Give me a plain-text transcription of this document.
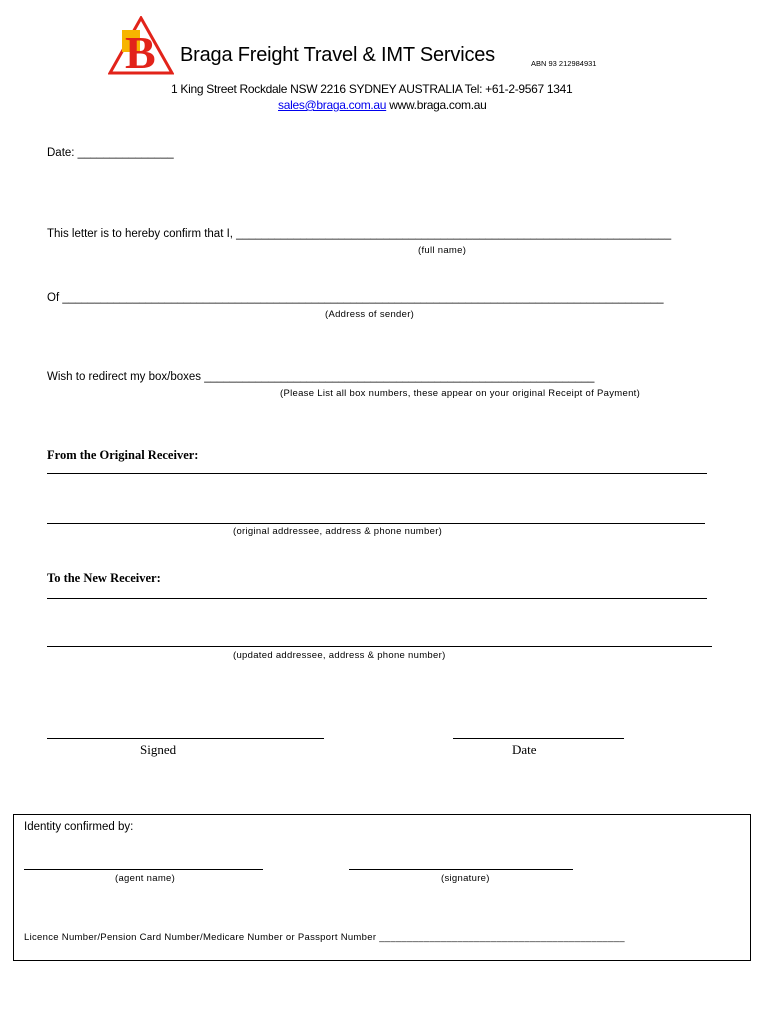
B Braga Freight Travel & IMT Services	ABN 93 212984931
1 King Street Rockdale NSW 2216 SYDNEY AUSTRALIA Tel: +61-2-9567 1341
sales@braga.com.au www.braga.com.au
Date: _______________
This letter is to hereby confirm that I, ____________________________________________________________________
(full name)
Of ______________________________________________________________________________________________
(Address of sender)
Wish to redirect my box/boxes _____________________________________________________________
(Please List all box numbers, these appear on your original Receipt of Payment)
From the Original Receiver:
(original addressee, address & phone number)
To the New Receiver:
(updated addressee, address & phone number)
Signed	Date
Identity confirmed by:
(agent name)	(signature)
Licence Number/Pension Card Number/Medicare Number or Passport Number ____________________________________________
